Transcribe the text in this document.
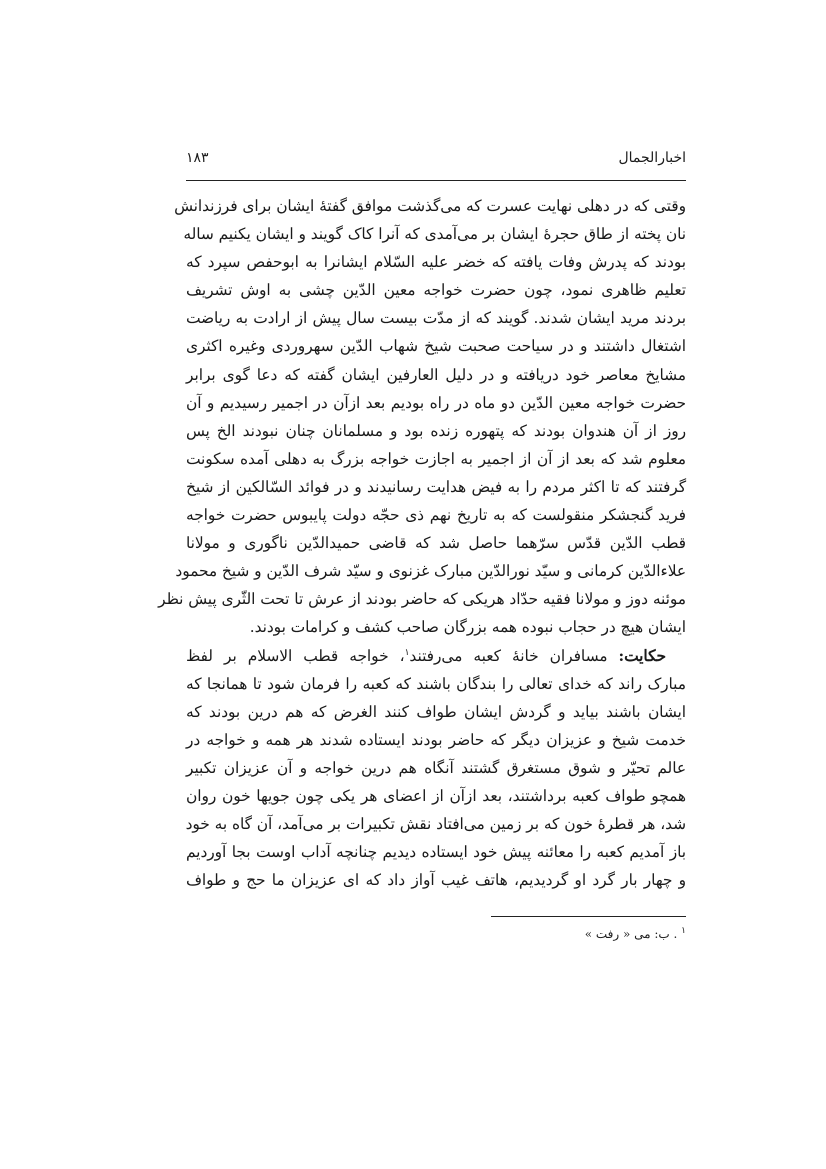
اخبارالجمال
۱۸۳
وقتی که در دهلی نهایت عسرت که می‌گذشت موافق گفتهٔ ایشان برای فرزندانش
نان پخته از طاق حجرهٔ ایشان بر می‌آمدی که آنرا کاک گویند و ایشان یکنیم ساله
بودند که پدرش وفات یافته که خضر علیه السّلام ایشانرا به ابوحفص سپرد که
تعلیم ظاهری نمود، چون حضرت خواجه معین الدّین چشی به اوش تشریف
بردند مرید ایشان شدند. گویند که از مدّت بیست سال پیش از ارادت به ریاضت
اشتغال داشتند و در سیاحت صحبت شیخ شهاب الدّین سهروردی وغیره اکثری
مشایخ معاصر خود دریافته و در دلیل العارفین ایشان گفته که دعا گوی برابر
حضرت خواجه معین الدّین دو ماه در راه بودیم بعد ازآن در اجمیر رسیدیم و آن
روز از آن هندوان بودند که پتهوره زنده بود و مسلمانان چنان نبودند الخ پس
معلوم شد که بعد از آن از اجمیر به اجازت خواجه بزرگ به دهلی آمده سکونت
گرفتند که تا اکثر مردم را به فیض هدایت رسانیدند و در فوائد السّالکین از شیخ
فرید گنجشکر منقولست که به تاریخ نهم ذی حجّه دولت پایبوس حضرت خواجه
قطب الدّین قدّس سرّهما حاصل شد که قاضی حمیدالدّین ناگوری و مولانا
علاءالدّین کرمانی و سیّد نورالدّین مبارک غزنوی و سیّد شرف الدّین و شیخ محمود
موئنه دوز و مولانا فقیه حدّاد هریکی که حاضر بودند از عرش تا تحت الثّری پیش نظر
ایشان هیچ در حجاب نبوده همه بزرگان صاحب کشف و کرامات بودند.
حکایت: مسافران خانهٔ کعبه می‌رفتند$^۱$، خواجه قطب الاسلام بر لفظ
مبارک راند که خدای تعالی را بندگان باشند که کعبه را فرمان شود تا همانجا که
ایشان باشند بیاید و گردش ایشان طواف کنند الغرض که هم درین بودند که
خدمت شیخ و عزیزان دیگر که حاضر بودند ایستاده شدند هر همه و خواجه در
عالم تحیّر و شوق مستغرق گشتند آنگاه هم درین خواجه و آن عزیزان تکبیر
همچو طواف کعبه برداشتند، بعد ازآن از اعضای هر یکی چون جویها خون روان
شد، هر قطرهٔ خون که بر زمین می‌افتاد نقش تکبیرات بر می‌آمد، آن گاه به خود
باز آمدیم کعبه را معائنه پیش خود ایستاده دیدیم چنانچه آداب اوست بجا آوردیم
و چهار بار گرد او گردیدیم، هاتف غیب آواز داد که ای عزیزان ما حج و طواف
$^۱$ . ب: می « رفت »
